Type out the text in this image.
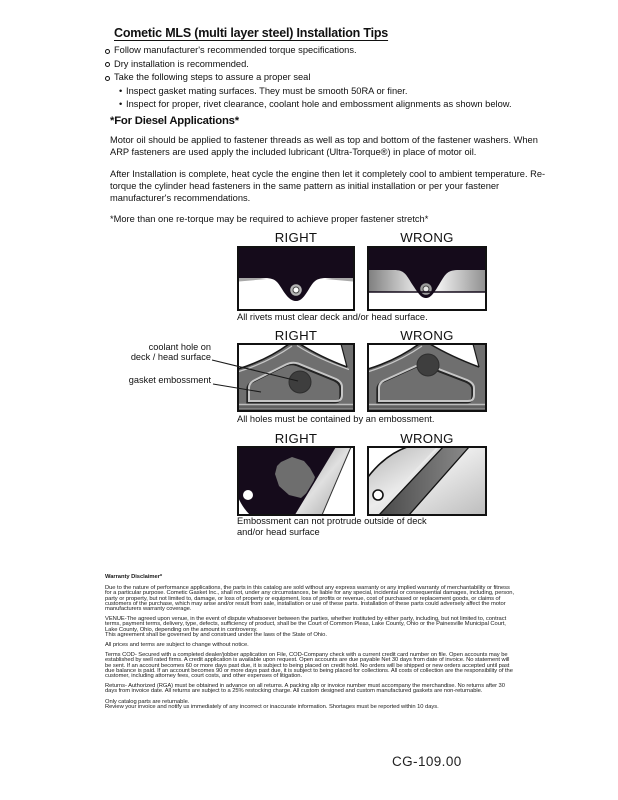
Cometic MLS (multi layer steel) Installation Tips
Follow manufacturer's recommended torque specifications.
Dry installation is recommended.
Take the following steps to assure a proper seal
• Inspect gasket mating surfaces. They must be smooth 50RA or finer.
• Inspect for proper, rivet clearance, coolant hole and embossment alignments as shown below.
*For Diesel Applications*

Motor oil should be applied to fastener threads as well as top and bottom of the fastener washers. When ARP fasteners are used apply the included lubricant (Ultra-Torque®) in place of motor oil.

After Installation is complete, heat cycle the engine then let it completely cool to ambient temperature. Re-torque the cylinder head fasteners in the same pattern as initial installation or per your fastener manufacturer's recommendations.

*More than one re-torque may be required to achieve proper fastener stretch*

RIGHT	WRONG
All rivets must clear deck and/or head surface.
RIGHT	WRONG
coolant hole on
deck / head surface
gasket embossment
All holes must be contained by an embossment.
RIGHT	WRONG
Embossment can not protrude outside of deck
and/or head surface
Warranty Disclaimer*

Due to the nature of performance applications, the parts in this catalog are sold without any express warranty or any implied warranty of merchantability or fitness for a particular purpose. Cometic Gasket Inc., shall not, under any circumstances, be liable for any special, incidental or consequential damages, including, person, party or property, but not limited to, damage, or loss of property or equipment, loss of profits or revenue, cost of purchased or replacement goods, or claims of customers of the purchase, which may arise and/or result from sale, installation or use of these parts. Installation of these parts could adversely affect the motor manufacturers warranty coverage.

VENUE-The agreed upon venue, in the event of dispute whatsoever between the parties, whether instituted by either party, including, but not limited to, contract terms, payment terms, delivery, type, defects, sufficiency of product, shall be the Court of Common Pleas, Lake County, Ohio or the Painesville Municipal Court, Lake County, Ohio, depending on the amount in controversy.

This agreement shall be governed by and construed under the laws of the State of Ohio.

All prices and terms are subject to change without notice.

Terms COD- Secured with a completed dealer/jobber application on File, COD-Company check with a current credit card number on file. Open accounts may be established by well rated firms. A credit application is available upon request. Open accounts are due payable Net 30 days from date of invoice. No statement will be sent. If an account becomes 60 or more days past due, it is subject to being placed on credit hold. No orders will be shipped or new orders accepted until past due balance is paid. If an account becomes 90 or more days past due, it is subject to being placed for collections. All costs of collection are the responsibility of the customer, including attorney fees, court costs, and other expenses of litigation.

Returns- Authorized (RGA) must be obtained in advance on all returns. A packing slip or invoice number must accompany the merchandise. No returns after 30 days from invoice date. All returns are subject to a 25% restocking charge. All custom designed and custom manufactured gaskets are non-returnable.

Only catalog parts are returnable.

Review your invoice and notify us immediately of any incorrect or inaccurate information. Shortages must be reported within 10 days.

CG-109.00
